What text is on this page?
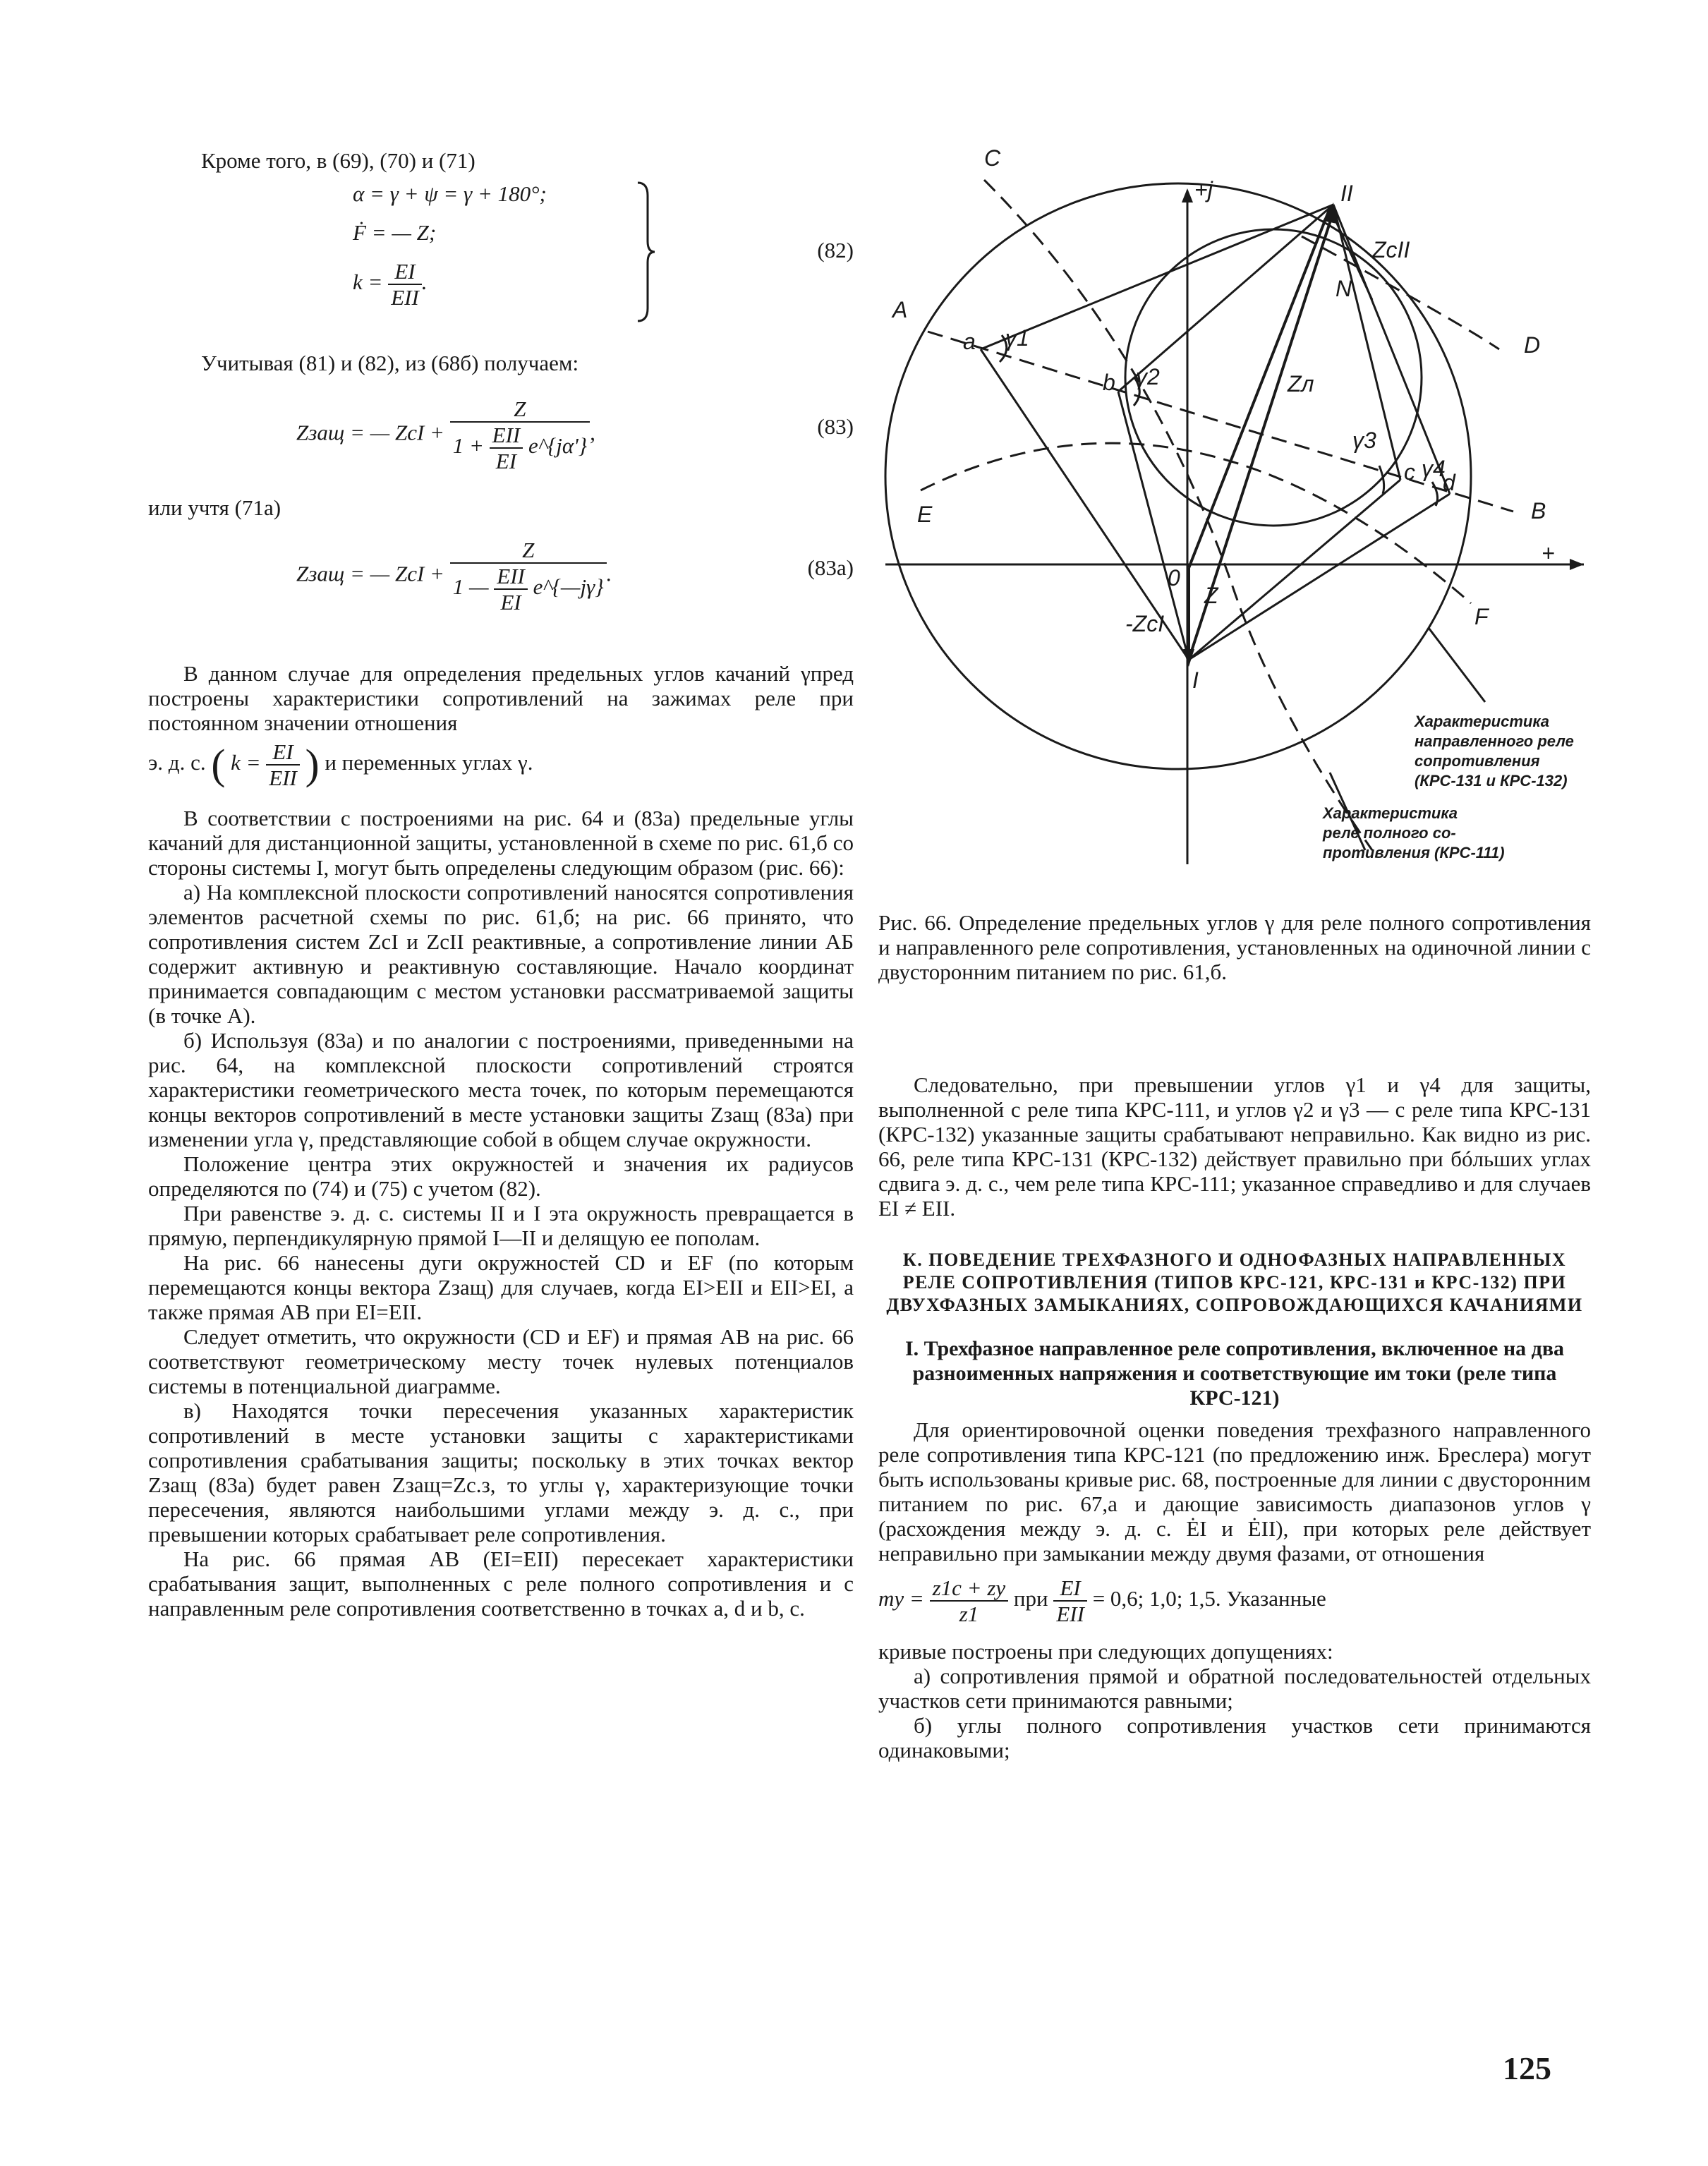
Кроме того, в (69), (70) и (71)

α = γ + ψ = γ + 180°;
Ḟ = — Z;
$k = \frac{EI}{\text{EII}}$ .
(82)

Учитывая (81) и (82), из (68б) получаем:

Zзащ = — ZcI + $\frac{Z}{1 + \frac{\text{EII}}{EI} e\^{}\{j\alpha'\}}$ ,	(83)

или учтя (71а)

Zзащ = — ZcI + $\frac{Z}{1 — \frac{\text{EII}}{EI} e\^{}\{—j\gamma\}}$ .	(83а)

В данном случае для определения предельных углов качаний γпред построены характеристики сопротивлений на зажимах реле при постоянном значении отношения

э. д. с. ( $k = \frac{EI}{\text{EII}}$ ) и переменных углах γ.

В соответствии с построениями на рис. 64 и (83а) предельные углы качаний для дистанционной защиты, установленной в схеме по рис. 61,б со стороны системы I, могут быть определены следующим образом (рис. 66):

а) На комплексной плоскости сопротивлений наносятся сопротивления элементов расчетной схемы по рис. 61,б; на рис. 66 принято, что сопротивления систем ZcI и ZcII реактивные, а сопротивление линии АБ содержит активную и реактивную составляющие. Начало координат принимается совпадающим с местом установки рассматриваемой защиты (в точке А).

б) Используя (83а) и по аналогии с построениями, приведенными на рис. 64, на комплексной плоскости сопротивлений строятся характеристики геометрического места точек, по которым перемещаются концы векторов сопротивлений в месте установки защиты Zзащ (83а) при изменении угла γ, представляющие собой в общем случае окружности.

Положение центра этих окружностей и значения их радиусов определяются по (74) и (75) с учетом (82).

При равенстве э. д. с. системы II и I эта окружность превращается в прямую, перпендикулярную прямой I—II и делящую ее пополам.

На рис. 66 нанесены дуги окружностей CD и EF (по которым перемещаются концы вектора Zзащ) для случаев, когда EI>EII и EII>EI, а также прямая АВ при EI=EII.

Следует отметить, что окружности (CD и EF) и прямая АВ на рис. 66 соответствуют геометрическому месту точек нулевых потенциалов системы в потенциальной диаграмме.

в) Находятся точки пересечения указанных характеристик сопротивлений в месте установки защиты с характеристиками сопротивления срабатывания защиты; поскольку в этих точках вектор Zзащ (83а) будет равен Zзащ=Zс.з, то углы γ, характеризующие точки пересечения, являются наибольшими углами между э. д. с., при превышении которых срабатывает реле сопротивления.

На рис. 66 прямая АВ (EI=EII) пересекает характеристики срабатывания защит, выполненных с реле полного сопротивления и с направленным реле сопротивления соответственно в точках a, d и b, c.

C
D
A
B
E
F
+j
+
0
I
II
a
b
c d
N
γ1
γ2
γ3
γ4
ZcII
Zл
Z
-ZcI
Характеристика
направленного реле
сопротивления
(КРС-131 и КРС-132)
Характеристика
реле полного со-
противления (КРС-111)

Рис. 66. Определение предельных углов γ для реле полного сопротивления и направленного реле сопротивления, установленных на одиночной линии с двусторонним питанием по рис. 61,б.

Следовательно, при превышении углов γ1 и γ4 для защиты, выполненной с реле типа КРС-111, и углов γ2 и γ3 — с реле типа КРС-131 (КРС-132) указанные защиты срабатывают неправильно. Как видно из рис. 66, реле типа КРС-131 (КРС-132) действует правильно при бóльших углах сдвига э. д. с., чем реле типа КРС-111; указанное справедливо и для случаев EI ≠ EII.

К. ПОВЕДЕНИЕ ТРЕХФАЗНОГО И ОДНОФАЗНЫХ НАПРАВЛЕННЫХ РЕЛЕ СОПРОТИВЛЕНИЯ (ТИПОВ КРС-121, КРС-131 и КРС-132) ПРИ ДВУХФАЗНЫХ ЗАМЫКАНИЯХ, СОПРОВОЖДАЮЩИХСЯ КАЧАНИЯМИ
I. Трехфазное направленное реле сопротивления, включенное на два разноименных напряжения и соответствующие им токи (реле типа КРС-121)

Для ориентировочной оценки поведения трехфазного направленного реле сопротивления типа КРС-121 (по предложению инж. Бреслера) могут быть использованы кривые рис. 68, построенные для линии с двусторонним питанием по рис. 67,а и дающие зависимость диапазонов углов γ (расхождения между э. д. с. ĖI и ĖII), при которых реле действует неправильно при замыкании между двумя фазами, от отношения

my = $\frac{z1c + zy}{z1}$ при $\frac{EI}{\text{EII}} = 0,6$; 1,0; 1,5. Указанные

кривые построены при следующих допущениях:

а) сопротивления прямой и обратной последовательностей отдельных участков сети принимаются равными;

б) углы полного сопротивления участков сети принимаются одинаковыми;

125
